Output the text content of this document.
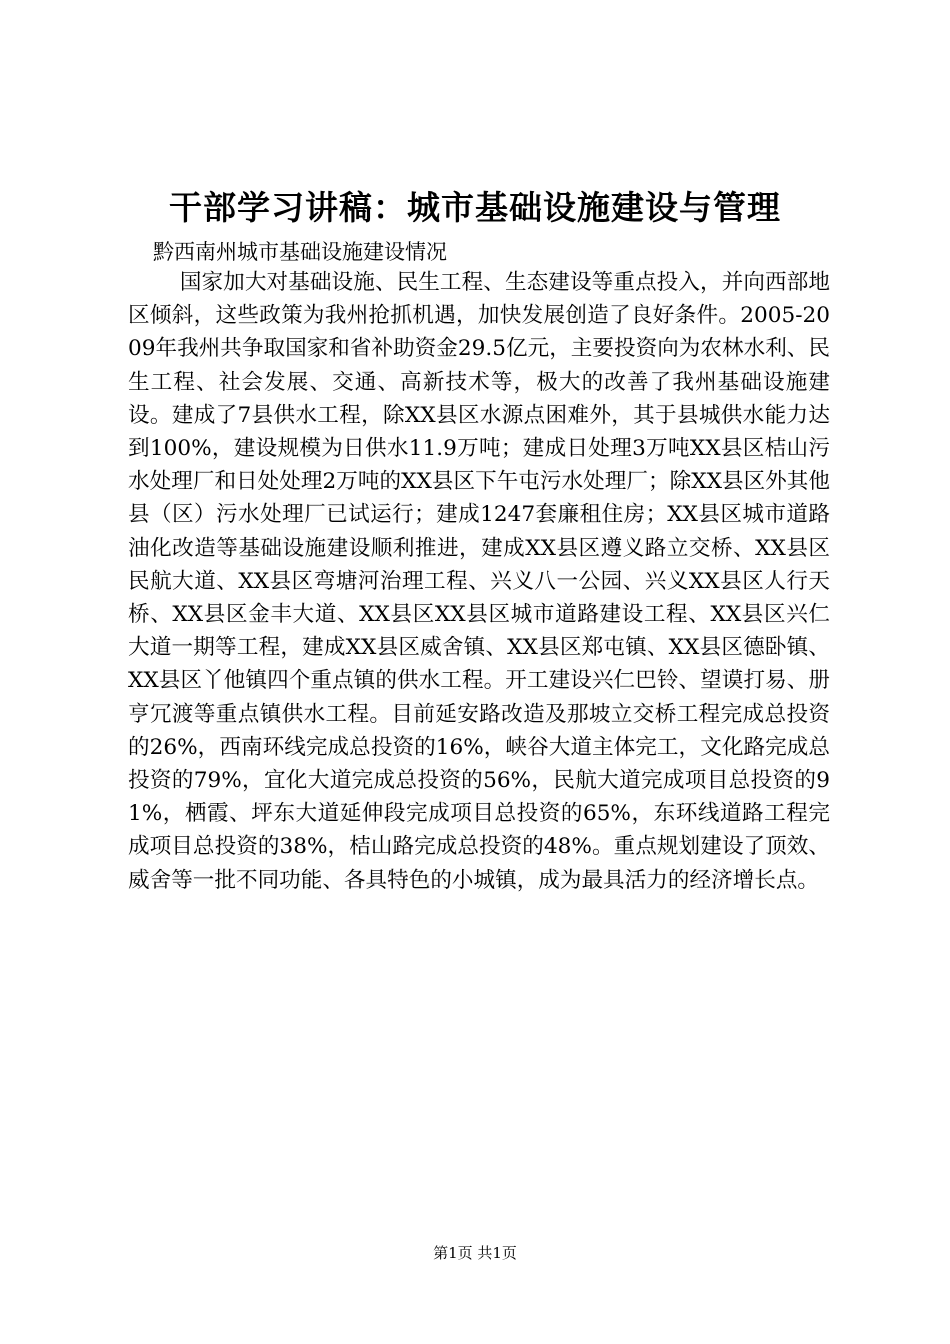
干部学习讲稿：城市基础设施建设与管理

黔西南州城市基础设施建设情况

国家加大对基础设施、民生工程、生态建设等重点投入，并向西部地区倾斜，这些政策为我州抢抓机遇，加快发展创造了良好条件。2005-2009年我州共争取国家和省补助资金29.5亿元，主要投资向为农林水利、民生工程、社会发展、交通、高新技术等，极大的改善了我州基础设施建设。建成了7县供水工程，除XX县区水源点困难外，其于县城供水能力达到100%，建设规模为日供水11.9万吨；建成日处理3万吨XX县区桔山污水处理厂和日处处理2万吨的XX县区下午屯污水处理厂；除XX县区外其他县（区）污水处理厂已试运行；建成1247套廉租住房；XX县区城市道路油化改造等基础设施建设顺利推进，建成XX县区遵义路立交桥、XX县区民航大道、XX县区弯塘河治理工程、兴义八一公园、兴义XX县区人行天桥、XX县区金丰大道、XX县区XX县区城市道路建设工程、XX县区兴仁大道一期等工程，建成XX县区威舍镇、XX县区郑屯镇、XX县区德卧镇、XX县区丫他镇四个重点镇的供水工程。开工建设兴仁巴铃、望谟打易、册亨冗渡等重点镇供水工程。目前延安路改造及那坡立交桥工程完成总投资的26%，西南环线完成总投资的16%，峡谷大道主体完工，文化路完成总投资的79%，宜化大道完成总投资的56%，民航大道完成项目总投资的91%，栖霞、坪东大道延伸段完成项目总投资的65%，东环线道路工程完成项目总投资的38%，桔山路完成总投资的48%。重点规划建设了顶效、威舍等一批不同功能、各具特色的小城镇，成为最具活力的经济增长点。

第1页 共1页
